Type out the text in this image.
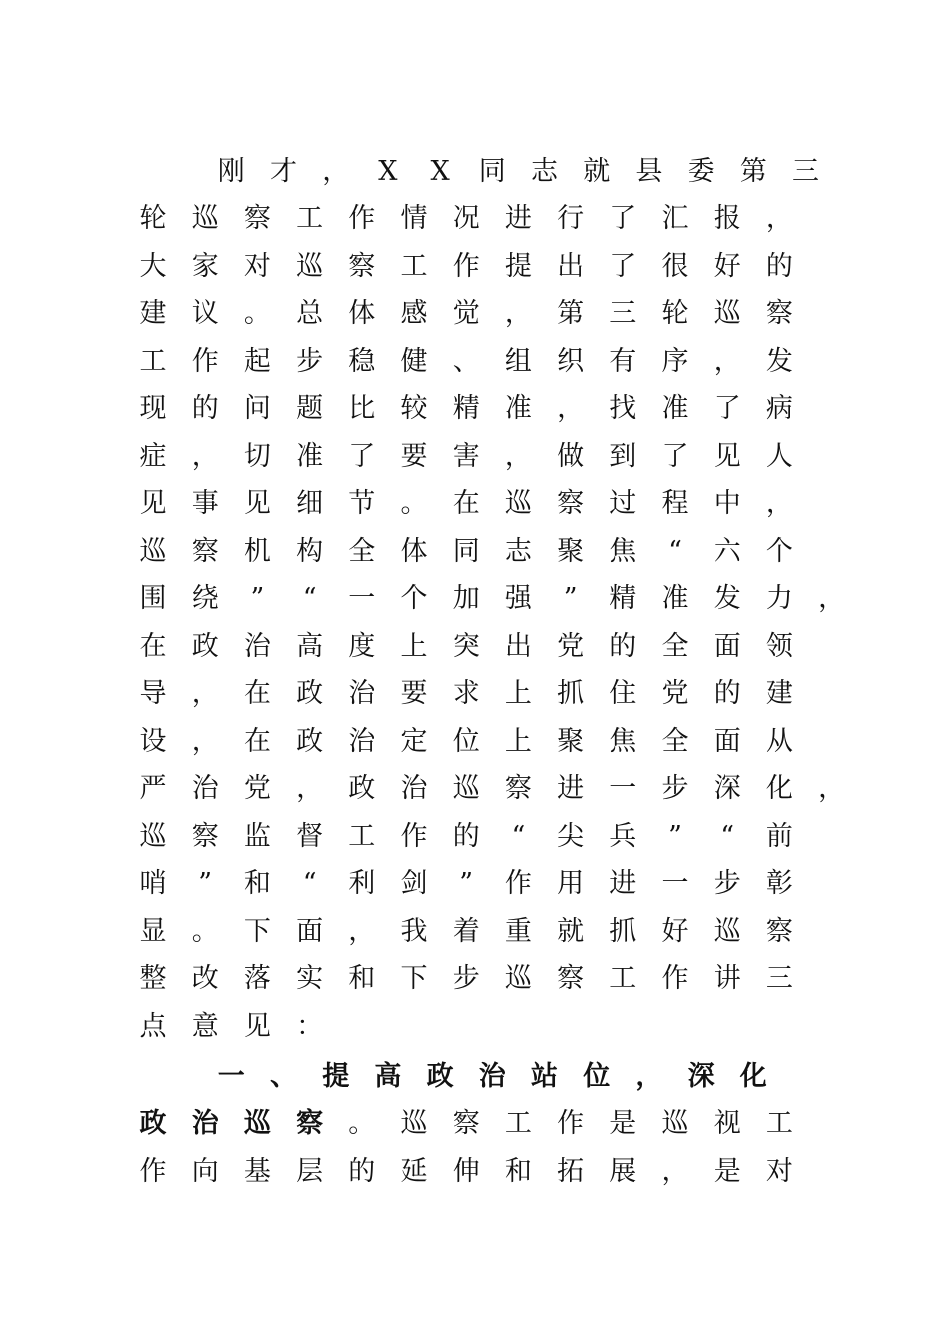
刚 才 ，	X	X	同 志 就 县 委 第 三
轮 巡 察 工 作 情 况 进 行 了 汇 报 ，
大 家 对 巡 察 工 作 提 出 了 很 好 的
建 议 。 总 体 感 觉 ， 第 三 轮 巡 察
工 作 起 步 稳 健 、 组 织 有 序 ， 发
现 的 问 题 比 较 精 准 ， 找 准 了 病
症 ， 切 准 了 要 害 ， 做 到 了 见 人
见 事 见 细 节 。 在 巡 察 过 程 中 ，
巡 察 机 构 全 体 同 志 聚 焦	“	六 个
围 绕	”	“	一 个 加 强	”	精 准 发 力 ，
在 政 治 高 度 上 突 出 党 的 全 面 领
导 ， 在 政 治 要 求 上 抓 住 党 的 建
设 ， 在 政 治 定 位 上 聚 焦 全 面 从
严 治 党 ， 政 治 巡 察 进 一 步 深 化 ，
巡 察 监 督 工 作 的	“	尖 兵	”	“	前
哨	”	和	“	利 剑	”	作 用 进 一 步 彰
显 。 下 面 ， 我 着 重 就 抓 好 巡 察
整 改 落 实 和 下 步 巡 察 工 作 讲 三
点 意 见 ：
一 、 提 高 政 治 站 位 ， 深 化
政 治 巡 察 。 巡 察 工 作 是 巡 视 工
作 向 基 层 的 延 伸 和 拓 展 ， 是 对
